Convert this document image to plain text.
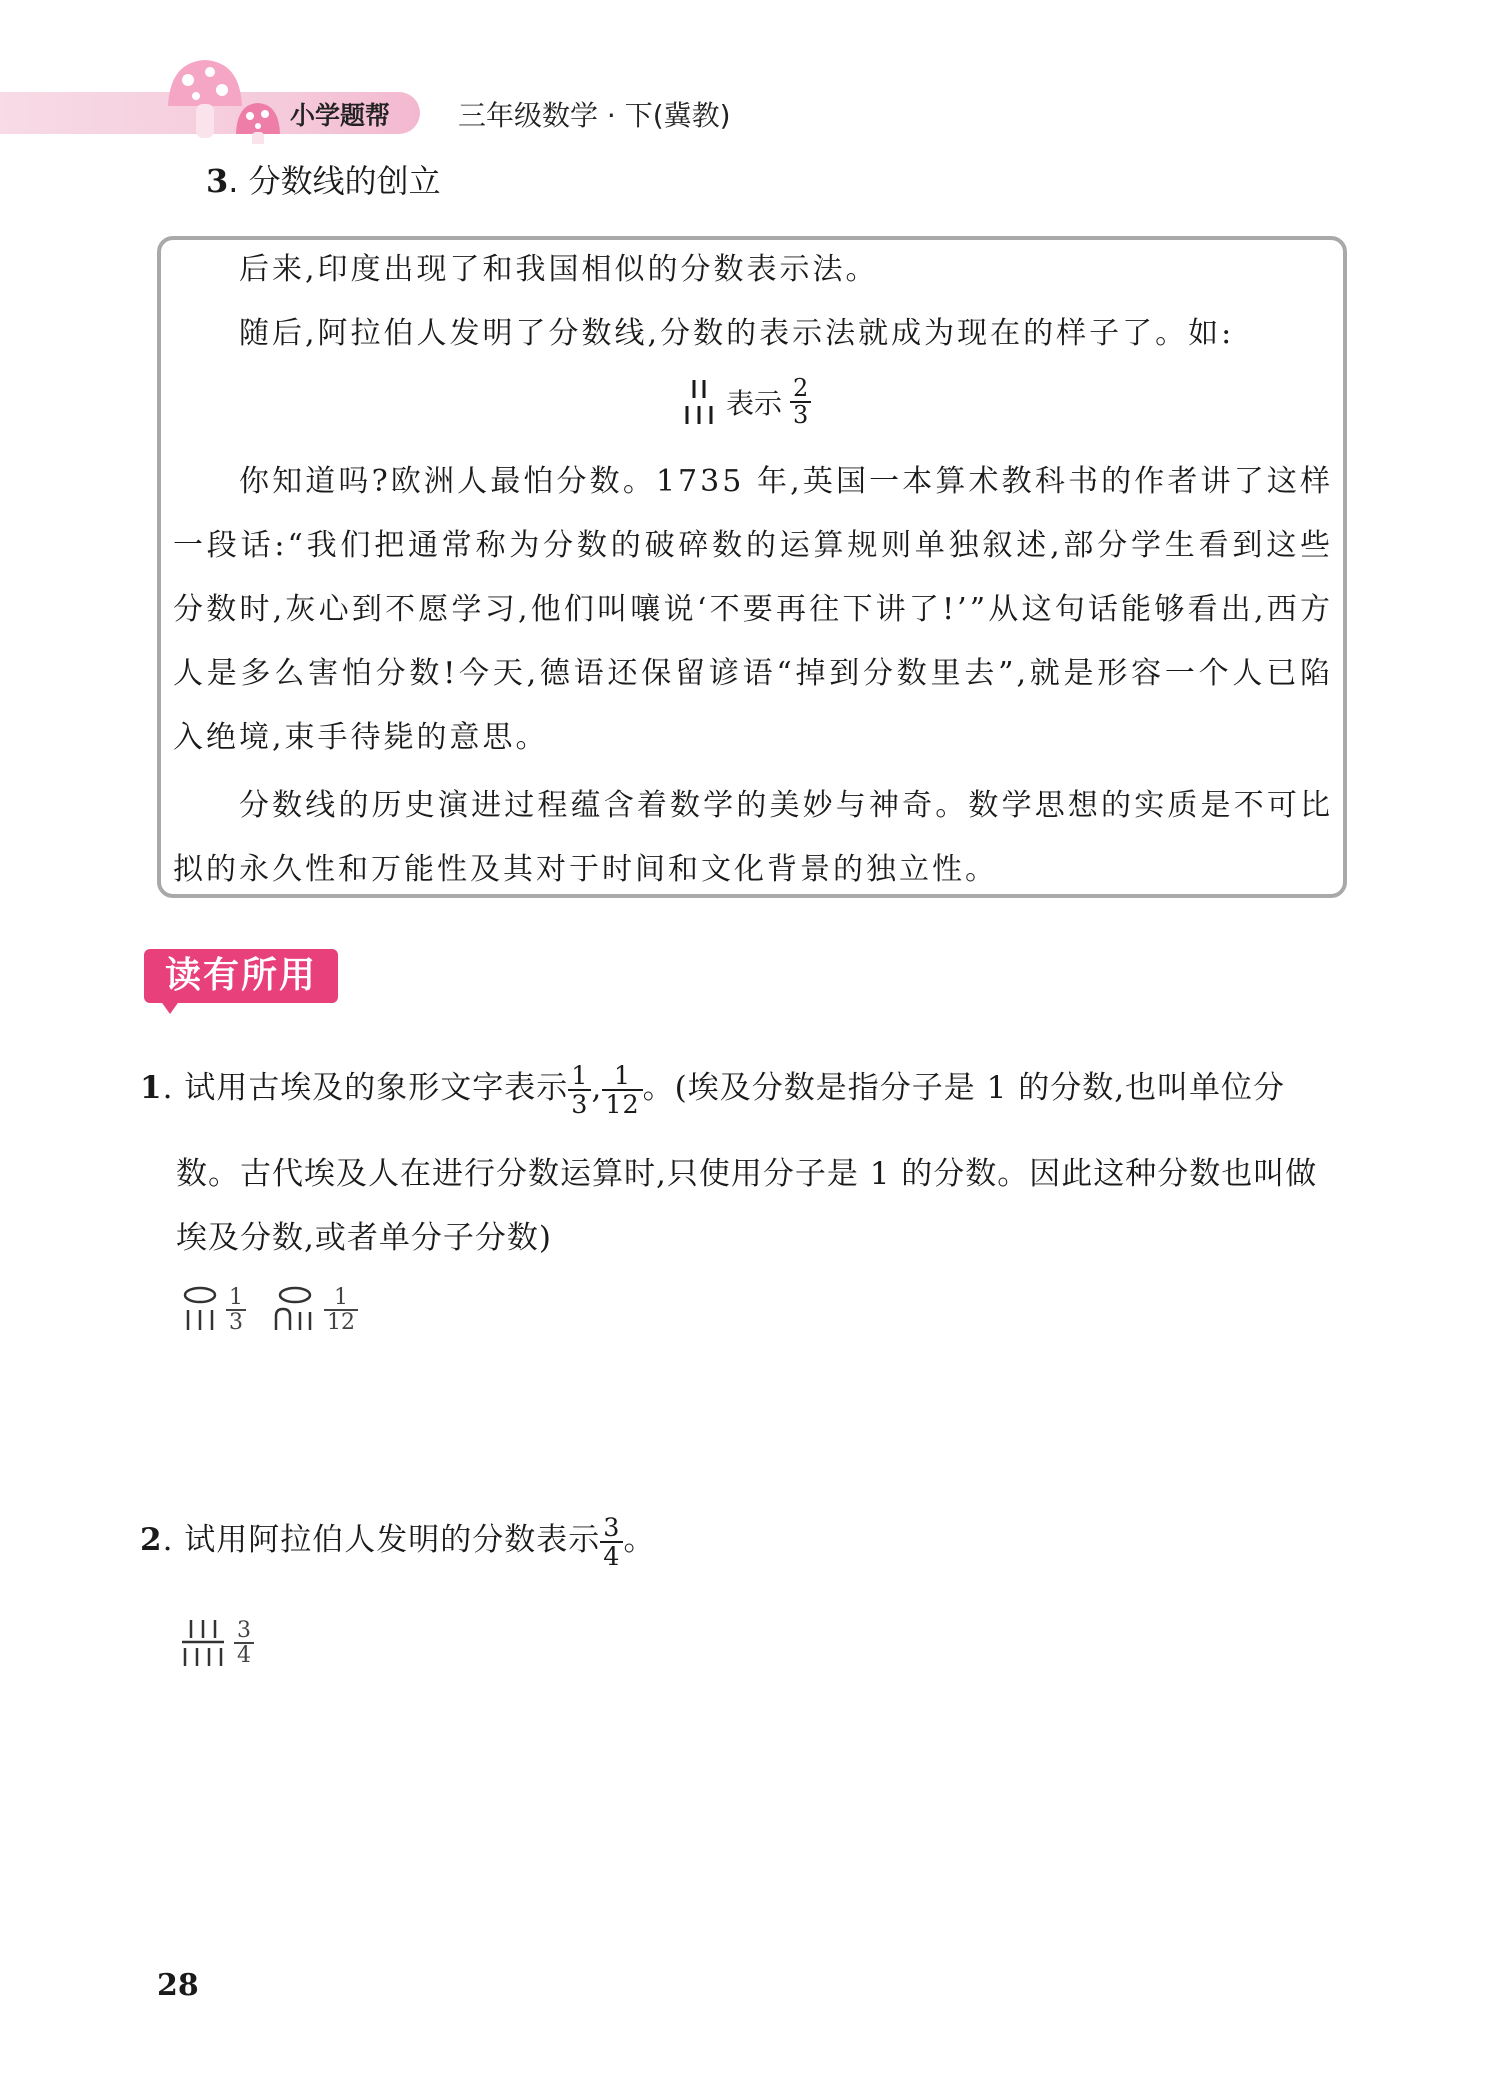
小学题帮 三年级数学 · 下(冀教)
3. 分数线的创立

后来,印度出现了和我国相似的分数表示法。

随后,阿拉伯人发明了分数线,分数的表示法就成为现在的样子了。如:

表示 $\frac{2}{3}$

你知道吗?欧洲人最怕分数。1735 年,英国一本算术教科书的作者讲了这样一段话:“我们把通常称为分数的破碎数的运算规则单独叙述,部分学生看到这些分数时,灰心到不愿学习,他们叫嚷说‘不要再往下讲了!’”从这句话能够看出,西方人是多么害怕分数!今天,德语还保留谚语“掉到分数里去”,就是形容一个人已陷入绝境,束手待毙的意思。

分数线的历史演进过程蕴含着数学的美妙与神奇。数学思想的实质是不可比拟的永久性和万能性及其对于时间和文化背景的独立性。

读有所用
1. 试用古埃及的象形文字表示 $\frac{1}{3}$ , $\frac{1}{12}$ 。(埃及分数是指分子是 1 的分数,也叫单位分

数。古代埃及人在进行分数运算时,只使用分子是 1 的分数。因此这种分数也叫做

埃及分数,或者单分子分数)

$\frac{1}{3}$	$\frac{1}{12}$
2. 试用阿拉伯人发明的分数表示 $\frac{3}{4}$ 。
$\frac{3}{4}$
28
